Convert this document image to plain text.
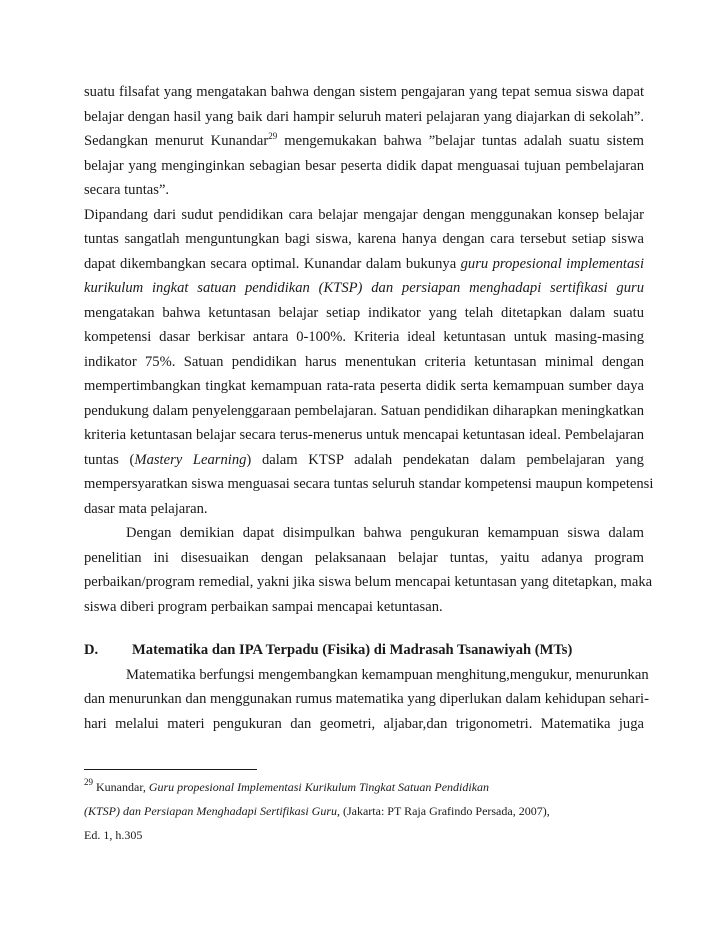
suatu filsafat yang mengatakan bahwa dengan sistem pengajaran yang tepat semua siswa dapat
belajar dengan hasil yang baik dari hampir seluruh materi pelajaran yang diajarkan di sekolah”.
Sedangkan menurut Kunandar$^{29}$ mengemukakan bahwa ”belajar tuntas adalah suatu sistem
belajar yang menginginkan sebagian besar peserta didik dapat menguasai tujuan pembelajaran
secara tuntas”.
Dipandang dari sudut pendidikan cara belajar mengajar dengan menggunakan konsep belajar
tuntas sangatlah menguntungkan bagi siswa, karena hanya dengan cara tersebut setiap siswa
dapat dikembangkan secara optimal. Kunandar dalam bukunya guru propesional implementasi
kurikulum ingkat satuan pendidikan (KTSP) dan persiapan menghadapi sertifikasi guru
mengatakan bahwa ketuntasan belajar setiap indikator yang telah ditetapkan dalam suatu
kompetensi dasar berkisar antara 0-100%. Kriteria ideal ketuntasan untuk masing-masing
indikator 75%. Satuan pendidikan harus menentukan criteria ketuntasan minimal dengan
mempertimbangkan tingkat kemampuan rata-rata peserta didik serta kemampuan sumber daya
pendukung dalam penyelenggaraan pembelajaran. Satuan pendidikan diharapkan meningkatkan
kriteria ketuntasan belajar secara terus-menerus untuk mencapai ketuntasan ideal. Pembelajaran
tuntas (Mastery Learning) dalam KTSP adalah pendekatan dalam pembelajaran yang
mempersyaratkan siswa menguasai secara tuntas seluruh standar kompetensi maupun kompetensi
dasar mata pelajaran.
Dengan demikian dapat disimpulkan bahwa pengukuran kemampuan siswa dalam
penelitian ini disesuaikan dengan pelaksanaan belajar tuntas, yaitu adanya program
perbaikan/program remedial, yakni jika siswa belum mencapai ketuntasan yang ditetapkan, maka
siswa diberi program perbaikan sampai mencapai ketuntasan.
D. Matematika dan IPA Terpadu (Fisika) di Madrasah Tsanawiyah (MTs)
Matematika berfungsi mengembangkan kemampuan menghitung,mengukur, menurunkan
dan menurunkan dan menggunakan rumus matematika yang diperlukan dalam kehidupan sehari-
hari melalui materi pengukuran dan geometri, aljabar,dan trigonometri. Matematika juga
$^{29}$ Kunandar, Guru propesional Implementasi Kurikulum Tingkat Satuan Pendidikan
(KTSP) dan Persiapan Menghadapi Sertifikasi Guru, (Jakarta: PT Raja Grafindo Persada, 2007),
Ed. 1, h.305
